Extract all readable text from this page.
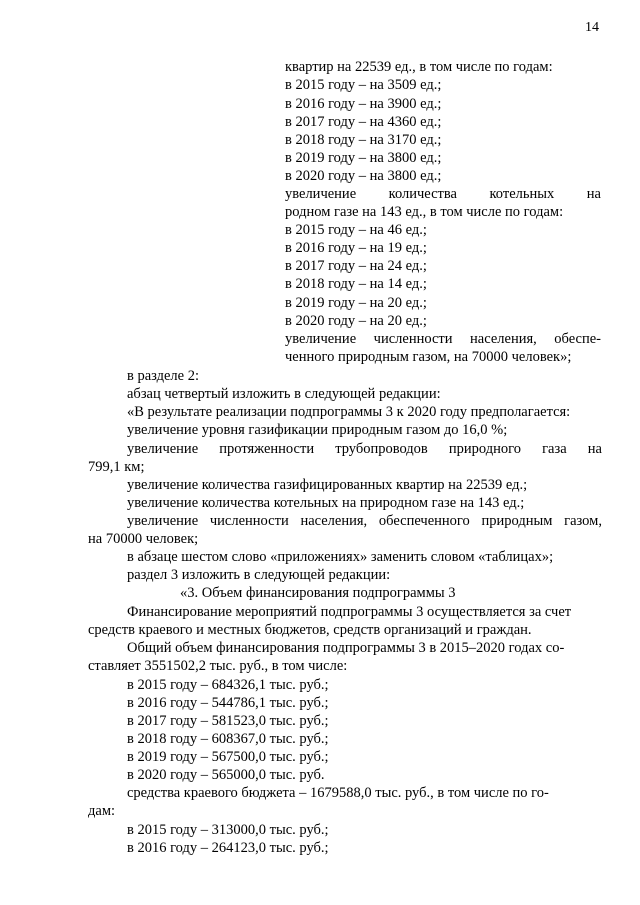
14
квартир на 22539 ед., в том числе по годам:
в 2015 году – на 3509 ед.;
в 2016 году – на 3900 ед.;
в 2017 году – на 4360 ед.;
в 2018 году – на 3170 ед.;
в 2019 году – на 3800 ед.;
в 2020 году – на 3800 ед.;
увеличение количества котельных на
родном газе на 143 ед., в том числе по годам:
в 2015 году – на 46 ед.;
в 2016 году – на 19 ед.;
в 2017 году – на 24 ед.;
в 2018 году – на 14 ед.;
в 2019 году – на 20 ед.;
в 2020 году – на 20 ед.;
увеличение численности населения, обеспе-
ченного природным газом, на 70000 человек»;
в разделе 2:
абзац четвертый изложить в следующей редакции:
«В результате реализации подпрограммы 3 к 2020 году предполагается:
увеличение уровня газификации природным газом до 16,0 %;
увеличение протяженности трубопроводов природного газа на
799,1 км;
увеличение количества газифицированных квартир на 22539 ед.;
увеличение количества котельных на природном газе на 143 ед.;
увеличение численности населения, обеспеченного природным газом,
на 70000 человек;
в абзаце шестом слово «приложениях» заменить словом «таблицах»;
раздел 3 изложить в следующей редакции:
«3. Объем финансирования подпрограммы 3
Финансирование мероприятий подпрограммы 3 осуществляется за счет
средств краевого и местных бюджетов, средств организаций и граждан.
Общий объем финансирования подпрограммы 3 в 2015–2020 годах со-
ставляет 3551502,2 тыс. руб., в том числе:
в 2015 году – 684326,1 тыс. руб.;
в 2016 году – 544786,1 тыс. руб.;
в 2017 году – 581523,0 тыс. руб.;
в 2018 году – 608367,0 тыс. руб.;
в 2019 году – 567500,0 тыс. руб.;
в 2020 году – 565000,0 тыс. руб.
средства краевого бюджета – 1679588,0 тыс. руб., в том числе по го-
дам:
в 2015 году – 313000,0 тыс. руб.;
в 2016 году – 264123,0 тыс. руб.;
